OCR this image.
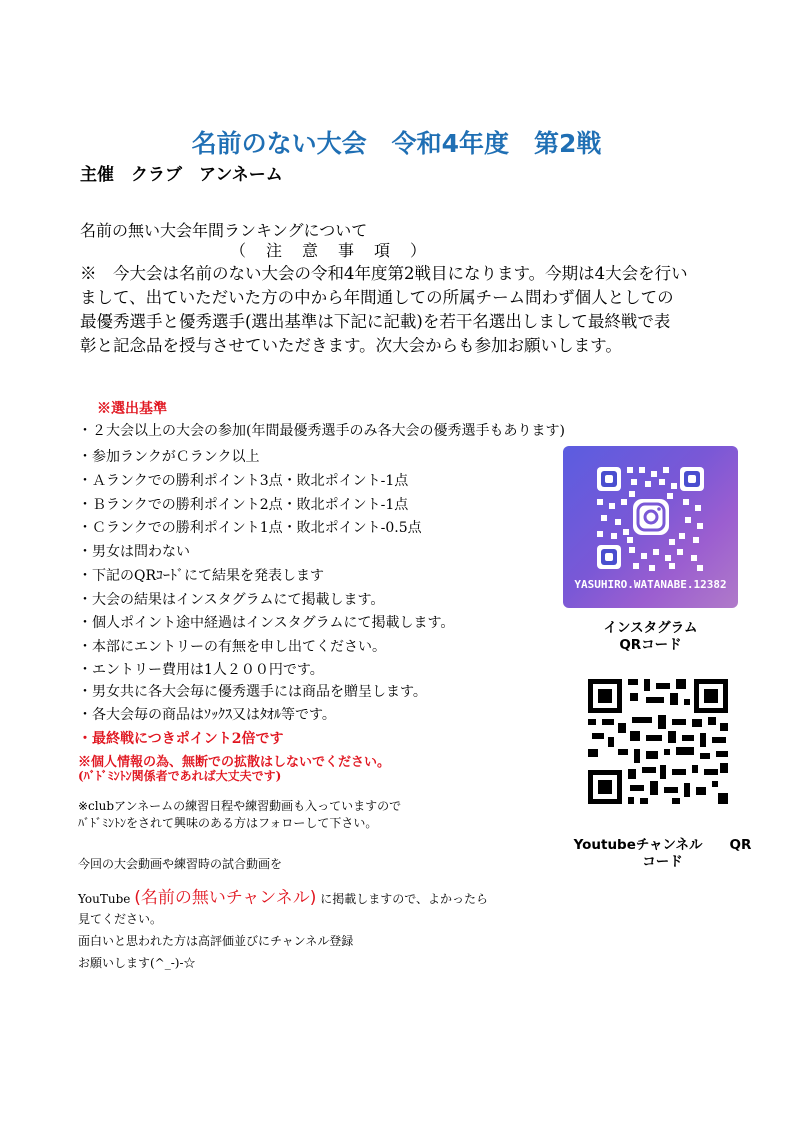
名前のない大会　令和4年度　第2戦
主催　クラブ　アンネーム
名前の無い大会年間ランキングについて
（　注　意　事　項　）
※　今大会は名前のない大会の令和4年度第2戦目になります。今期は4大会を行い
まして、出ていただいた方の中から年間通しての所属チーム問わず個人としての
最優秀選手と優秀選手(選出基準は下記に記載)を若干名選出しまして最終戦で表
彰と記念品を授与させていただきます。次大会からも参加お願いします。
※選出基準
・２大会以上の大会の参加(年間最優秀選手のみ各大会の優秀選手もあります)
・参加ランクがＣランク以上
・Ａランクでの勝利ポイント3点・敗北ポイント-1点
・Ｂランクでの勝利ポイント2点・敗北ポイント-1点
・Ｃランクでの勝利ポイント1点・敗北ポイント-0.5点
・男女は問わない
・下記のQRｺｰﾄﾞにて結果を発表します
・大会の結果はインスタグラムにて掲載します。
・個人ポイント途中経過はインスタグラムにて掲載します。
・本部にエントリーの有無を申し出てください。
・エントリー費用は1人２００円です。
・男女共に各大会毎に優秀選手には商品を贈呈します。
・各大会毎の商品はｿｯｸｽ又はﾀｵﾙ等です。
・最終戦につきポイント2倍です
※個人情報の為、無断での拡散はしないでください。
(ﾊﾞﾄﾞﾐﾝﾄﾝ関係者であれば大丈夫です)
※clubアンネームの練習日程や練習動画も入っていますので
ﾊﾞﾄﾞﾐﾝﾄﾝをされて興味のある方はフォローして下さい。
今回の大会動画や練習時の試合動画を
YouTube (名前の無いチャンネル) に掲載しますので、よかったら
見てください。
面白いと思われた方は高評価並びにチャンネル登録
お願いします(^_-)-☆
YASUHIRO.WATANABE.12382
インスタグラム
QRコード
Youtubeチャンネル　　QR
コード
